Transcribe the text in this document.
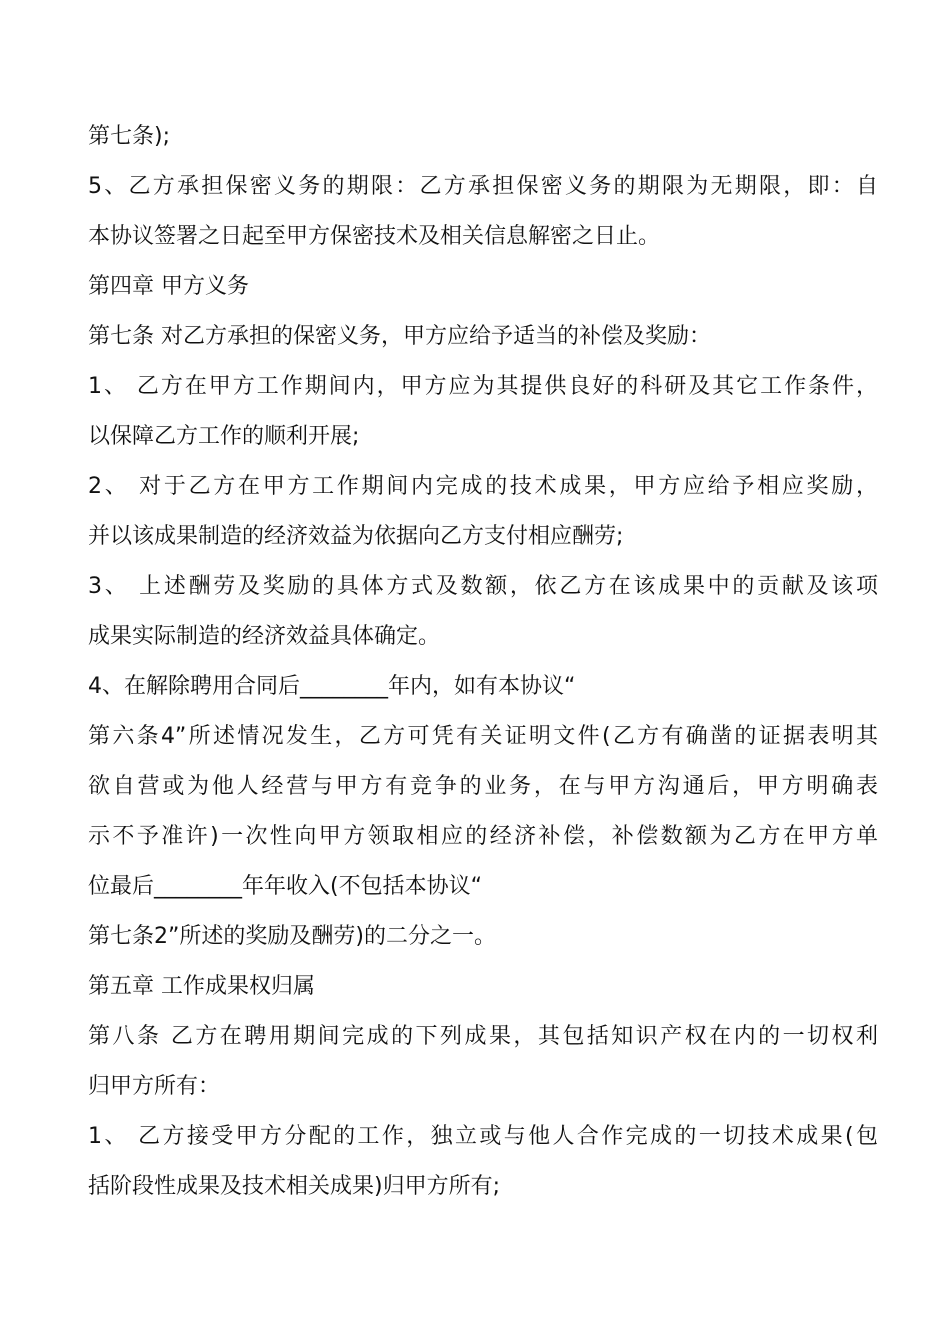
第七条);
5、乙方承担保密义务的期限：乙方承担保密义务的期限为无期限，即：自
本协议签署之日起至甲方保密技术及相关信息解密之日止。
第四章 甲方义务
第七条 对乙方承担的保密义务，甲方应给予适当的补偿及奖励：
1、 乙方在甲方工作期间内，甲方应为其提供良好的科研及其它工作条件，
以保障乙方工作的顺利开展;
2、 对于乙方在甲方工作期间内完成的技术成果，甲方应给予相应奖励，
并以该成果制造的经济效益为依据向乙方支付相应酬劳;
3、 上述酬劳及奖励的具体方式及数额，依乙方在该成果中的贡献及该项
成果实际制造的经济效益具体确定。
4、在解除聘用合同后________年内，如有本协议“
第六条4”所述情况发生，乙方可凭有关证明文件(乙方有确凿的证据表明其
欲自营或为他人经营与甲方有竞争的业务，在与甲方沟通后，甲方明确表
示不予准许)一次性向甲方领取相应的经济补偿，补偿数额为乙方在甲方单
位最后________年年收入(不包括本协议“
第七条2”所述的奖励及酬劳)的二分之一。
第五章 工作成果权归属
第八条 乙方在聘用期间完成的下列成果，其包括知识产权在内的一切权利
归甲方所有：
1、 乙方接受甲方分配的工作，独立或与他人合作完成的一切技术成果(包
括阶段性成果及技术相关成果)归甲方所有;
